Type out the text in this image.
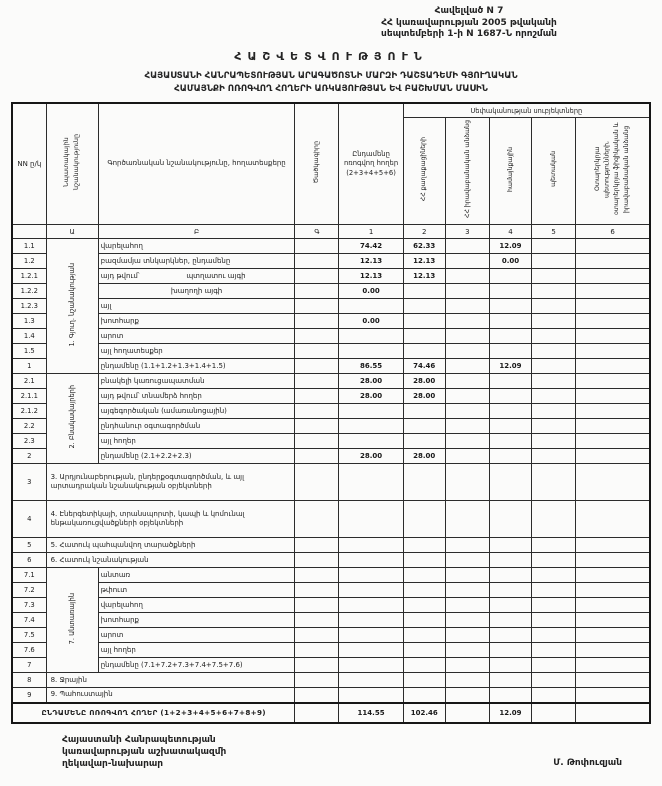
Հավելված N 7
ՀՀ կառավարության 2005 թվականի
սեպտեմբերի 1-ի N 1687-Ն որոշման
ՀԱՇՎԵՏՎՈՒԹՅՈՒՆ
ՀԱՅԱՍՏԱՆԻ ՀԱՆՐԱՊԵՏՈՒԹՅԱՆ ԱՐԱԳԱԾՈՏՆԻ ՄԱՐԶԻ ԴԱՇՏԱԴԵՄԻ ԳՅՈՒՂԱԿԱՆ
ՀԱՄԱՅՆՔԻ ՈՌՈԳՎՈՂ ՀՈՂԵՐԻ ԱՌԿԱՅՈՒԹՅԱՆ ԵՎ ԲԱՇԽՄԱՆ ՄԱՍԻՆ
NN ը/կ	Նպատակային նշանակությունը	Գործառնական նշանակությունը, հողատեսքերը	Ծածկագիրը	Ընդամենը ոռոգվող հողեր (2+3+4+5+6)	Սեփականության սուբյեկտները				
					ՀՀ քաղաքացիների	ՀՀ իրավաբանական անձանց	համայնքային	պետական	Օտարերկրյա պետությունների, օտարերկրյա ֆիզիկական և իրավաբանական անձանց
	Ա	Բ	Գ	1	2	3	4	5	6
1.1	1. Գյուղ. նշանակության	վարելահող		74.42	62.33		12.09		
1.2		բազմամյա տնկարկներ, ընդամենը		12.13	12.13		0.00		
1.2.1		այդ թվում՝ պտղատու այգի		12.13	12.13				
1.2.2		խաղողի այգի		0.00					
1.2.3		այլ							

1.3		խոտհարք		0.00					
1.4		արոտ							

1.5		այլ հողատեսքեր							

1		ընդամենը (1.1+1.2+1.3+1.4+1.5)		86.55	74.46		12.09		
2.1	2. Բնակավայրերի	բնակելի կառուցապատման		28.00	28.00				
2.1.1		այդ թվում՝ տնամերձ հողեր		28.00	28.00				
2.1.2		այգեգործական (ամառանոցային)							

2.2		ընդհանուր օգտագործման							

2.3		այլ հողեր							

2		ընդամենը (2.1+2.2+2.3)		28.00	28.00				
3	3. Արդյունաբերության, ընդերքօգտագործման, և այլ արտադրական նշանակության օբյեկտների								
4	4. Էներգետիկայի, տրանսպորտի, կապի և կոմունալ ենթակառուցվածքների օբյեկտների								
5	5. Հատուկ պահպանվող տարածքների								
6	6. Հատուկ նշանակության								
7.1	7. Անտառային	անտառ							

7.2		թփուտ							

7.3		վարելահող							

7.4		խոտհարք							

7.5		արոտ							

7.6		այլ հողեր							

7		ընդամենը (7.1+7.2+7.3+7.4+7.5+7.6)							

8	8. Ջրային								
9	9. Պահուստային								
ԸՆԴԱՄԵՆԸ ՈՌՈԳՎՈՂ ՀՈՂԵՐ (1+2+3+4+5+6+7+8+9)				114.55	102.46		12.09		
Հայաստանի Հանրապետության
կառավարության աշխատակազմի
ղեկավար-նախարար	Մ. Թոփուզյան
